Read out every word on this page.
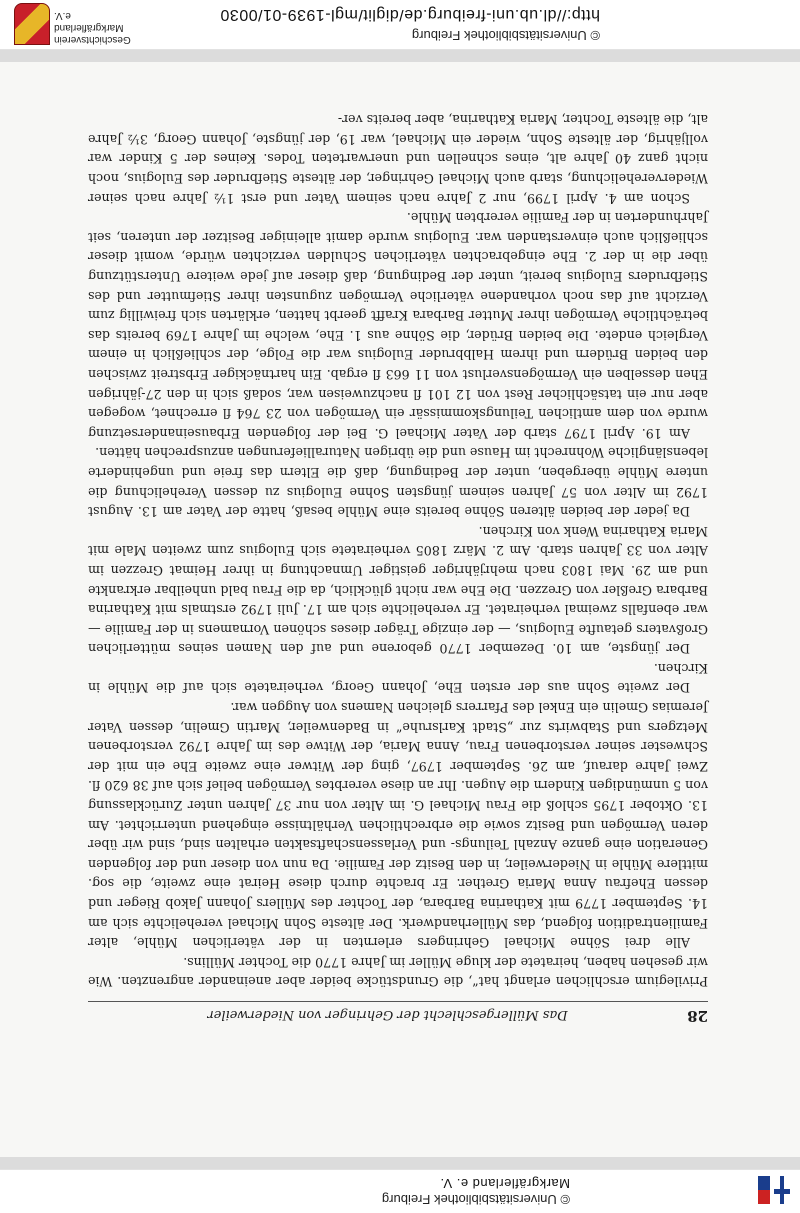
© Universitätsbibliothek Freiburg
Markgräflerland e. V.
28
Das Müllergeschlecht der Gehringer von Niederweiler

Privilegium erschlichen erlangt hat“, die Grundstücke beider aber aneinander angrenzten. Wie wir gesehen haben, heiratete der kluge Müller im Jahre 1770 die Tochter Müllins.

Alle drei Söhne Michael Gehringers erlernten in der väterlichen Mühle, alter Familientradition folgend, das Müllerhandwerk. Der älteste Sohn Michael verehelichte sich am 14. September 1779 mit Katharina Barbara, der Tochter des Müllers Johann Jakob Rieger und dessen Ehefrau Anna Maria Grether. Er brachte durch diese Heirat eine zweite, die sog. mittlere Mühle in Niederweiler, in den Besitz der Familie. Da nun von dieser und der folgenden Generation eine ganze Anzahl Teilungs- und Verlassenschaftsakten erhalten sind, sind wir über deren Vermögen und Besitz sowie die erbrechtlichen Verhältnisse eingehend unterrichtet. Am 13. Oktober 1795 schloß die Frau Michael G. im Alter von nur 37 Jahren unter Zurücklassung von 5 unmündigen Kindern die Augen. Ihr an diese vererbtes Vermögen belief sich auf 38 620 fl. Zwei Jahre darauf, am 26. September 1797, ging der Witwer eine zweite Ehe ein mit der Schwester seiner verstorbenen Frau, Anna Maria, der Witwe des im Jahre 1792 verstorbenen Metzgers und Stabwirts zur „Stadt Karlsruhe“ in Badenweiler, Martin Gmelin, dessen Vater Jeremias Gmelin ein Enkel des Pfarrers gleichen Namens von Auggen war.

Der zweite Sohn aus der ersten Ehe, Johann Georg, verheiratete sich auf die Mühle in Kirchen.

Der jüngste, am 10. Dezember 1770 geborene und auf den Namen seines mütterlichen Großvaters getaufte Eulogius, — der einzige Träger dieses schönen Vornamens in der Familie — war ebenfalls zweimal verheiratet. Er verehelichte sich am 17. Juli 1792 erstmals mit Katharina Barbara Greßler von Grezzen. Die Ehe war nicht glücklich, da die Frau bald unheilbar erkrankte und am 29. Mai 1803 nach mehrjähriger geistiger Umnachtung in ihrer Heimat Grezzen im Alter von 33 Jahren starb. Am 2. März 1805 verheiratete sich Eulogius zum zweiten Male mit Maria Katharina Wenk von Kirchen.

Da jeder der beiden älteren Söhne bereits eine Mühle besaß, hatte der Vater am 13. August 1792 im Alter von 57 Jahren seinem jüngsten Sohne Eulogius zu dessen Verehelichung die untere Mühle übergeben, unter der Bedingung, daß die Eltern das freie und ungehinderte lebenslängliche Wohnrecht im Hause und die übrigen Naturallieferungen anzusprechen hätten.

Am 19. April 1797 starb der Vater Michael G. Bei der folgenden Erbauseinandersetzung wurde von dem amtlichen Teilungskommissär ein Vermögen von 23 764 fl errechnet, wogegen aber nur ein tatsächlicher Rest von 12 101 fl nachzuweisen war, sodaß sich in den 27-jährigen Ehen desselben ein Vermögensverlust von 11 663 fl ergab. Ein hartnäckiger Erbstreit zwischen den beiden Brüdern und ihrem Halbbruder Eulogius war die Folge, der schließlich in einem Vergleich endete. Die beiden Brüder, die Söhne aus 1. Ehe, welche im Jahre 1769 bereits das beträchtliche Vermögen ihrer Mutter Barbara Krafft geerbt hatten, erklärten sich freiwillig zum Verzicht auf das noch vorhandene väterliche Vermögen zugunsten ihrer Stiefmutter und des Stiefbruders Eulogius bereit, unter der Bedingung, daß dieser auf jede weitere Unterstützung über die in der 2. Ehe eingebrachten väterlichen Schulden verzichten würde, womit dieser schließlich auch einverstanden war. Eulogius wurde damit alleiniger Besitzer der unteren, seit Jahrhunderten in der Familie vererbten Mühle.

Schon am 4. April 1799, nur 2 Jahre nach seinem Vater und erst 1½ Jahre nach seiner Wiederverehelichung, starb auch Michael Gehringer, der älteste Stiefbruder des Eulogius, noch nicht ganz 40 Jahre alt, eines schnellen und unerwarteten Todes. Keines der 5 Kinder war volljährig, der älteste Sohn, wieder ein Michael, war 19, der jüngste, Johann Georg, 3½ Jahre alt, die älteste Tochter, Maria Katharina, aber bereits ver-

© Universitätsbibliothek Freiburg
http://dl.ub.uni-freiburg.de/diglit/mgl-1939-01/0030
Geschichtsverein Markgräflerland e.V.
